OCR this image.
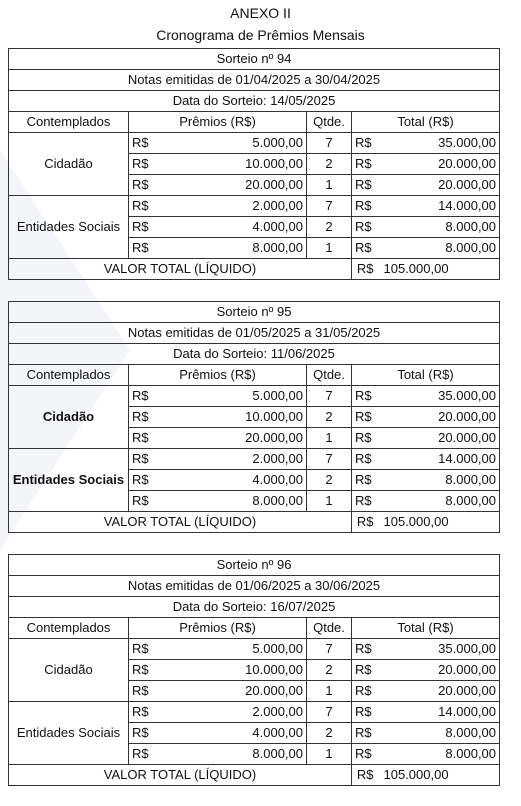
ANEXO II
Cronograma de Prêmios Mensais
Sorteio nº 94					
Notas emitidas de 01/04/2025 a 30/04/2025					
Data do Sorteio: 14/05/2025					
Contemplados	Prêmios (R$)		Qtde.	Total (R$)	
Cidadão	R$	5.000,00	7	R$	35.000,00
	R$	10.000,00	2	R$	20.000,00
	R$	20.000,00	1	R$	20.000,00
Entidades Sociais	R$	2.000,00	7	R$	14.000,00
	R$	4.000,00	2	R$	8.000,00
	R$	8.000,00	1	R$	8.000,00
VALOR TOTAL (LÍQUIDO)				R$	105.000,00
Sorteio nº 95					
Notas emitidas de 01/05/2025 a 31/05/2025					
Data do Sorteio: 11/06/2025					
Contemplados	Prêmios (R$)		Qtde.	Total (R$)	
Cidadão	R$	5.000,00	7	R$	35.000,00
	R$	10.000,00	2	R$	20.000,00
	R$	20.000,00	1	R$	20.000,00
Entidades Sociais	R$	2.000,00	7	R$	14.000,00
	R$	4.000,00	2	R$	8.000,00
	R$	8.000,00	1	R$	8.000,00
VALOR TOTAL (LÍQUIDO)				R$	105.000,00
Sorteio nº 96					
Notas emitidas de 01/06/2025 a 30/06/2025					
Data do Sorteio: 16/07/2025					
Contemplados	Prêmios (R$)		Qtde.	Total (R$)	
Cidadão	R$	5.000,00	7	R$	35.000,00
	R$	10.000,00	2	R$	20.000,00
	R$	20.000,00	1	R$	20.000,00
Entidades Sociais	R$	2.000,00	7	R$	14.000,00
	R$	4.000,00	2	R$	8.000,00
	R$	8.000,00	1	R$	8.000,00
VALOR TOTAL (LÍQUIDO)				R$	105.000,00
